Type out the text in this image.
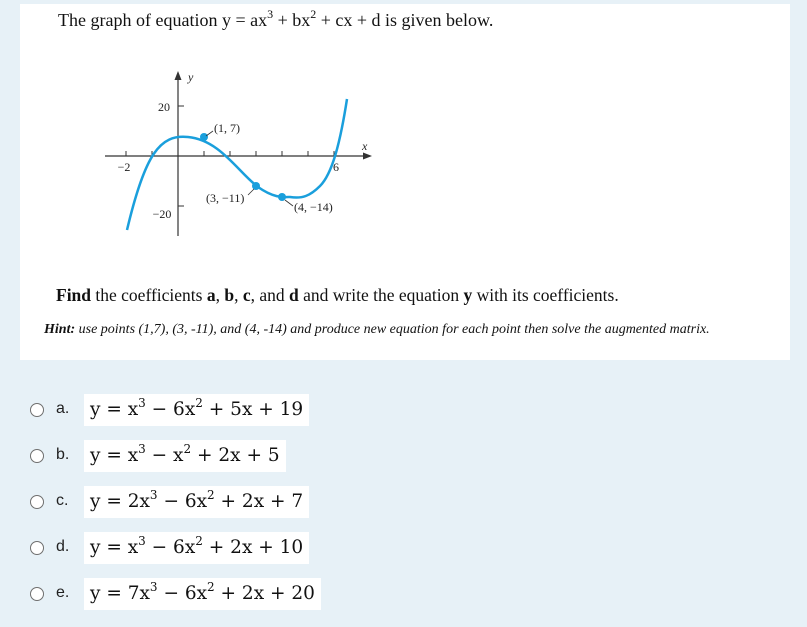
The graph of equation $y = ax^3 + bx^2$ + cx + d is given below.
20
−20
−2	6
y
x
(1, 7)
(3, −11)
(4, −14)
Find the coefficients a, b, c, and d and write the equation y with its coefficients.
Hint: use points (1,7), (3, -11), and (4, -14) and produce new equation for each point then solve the augmented matrix.
a.	$y = x^3 - 6x^2 + 5x + 19$
b.	$y = x^3 - x^2 + 2x + 5$
c.	$y = 2x^3 - 6x^2 + 2x + 7$
d.	$y = x^3 - 6x^2 + 2x + 10$
e.	$y = 7x^3 - 6x^2 + 2x + 20$
